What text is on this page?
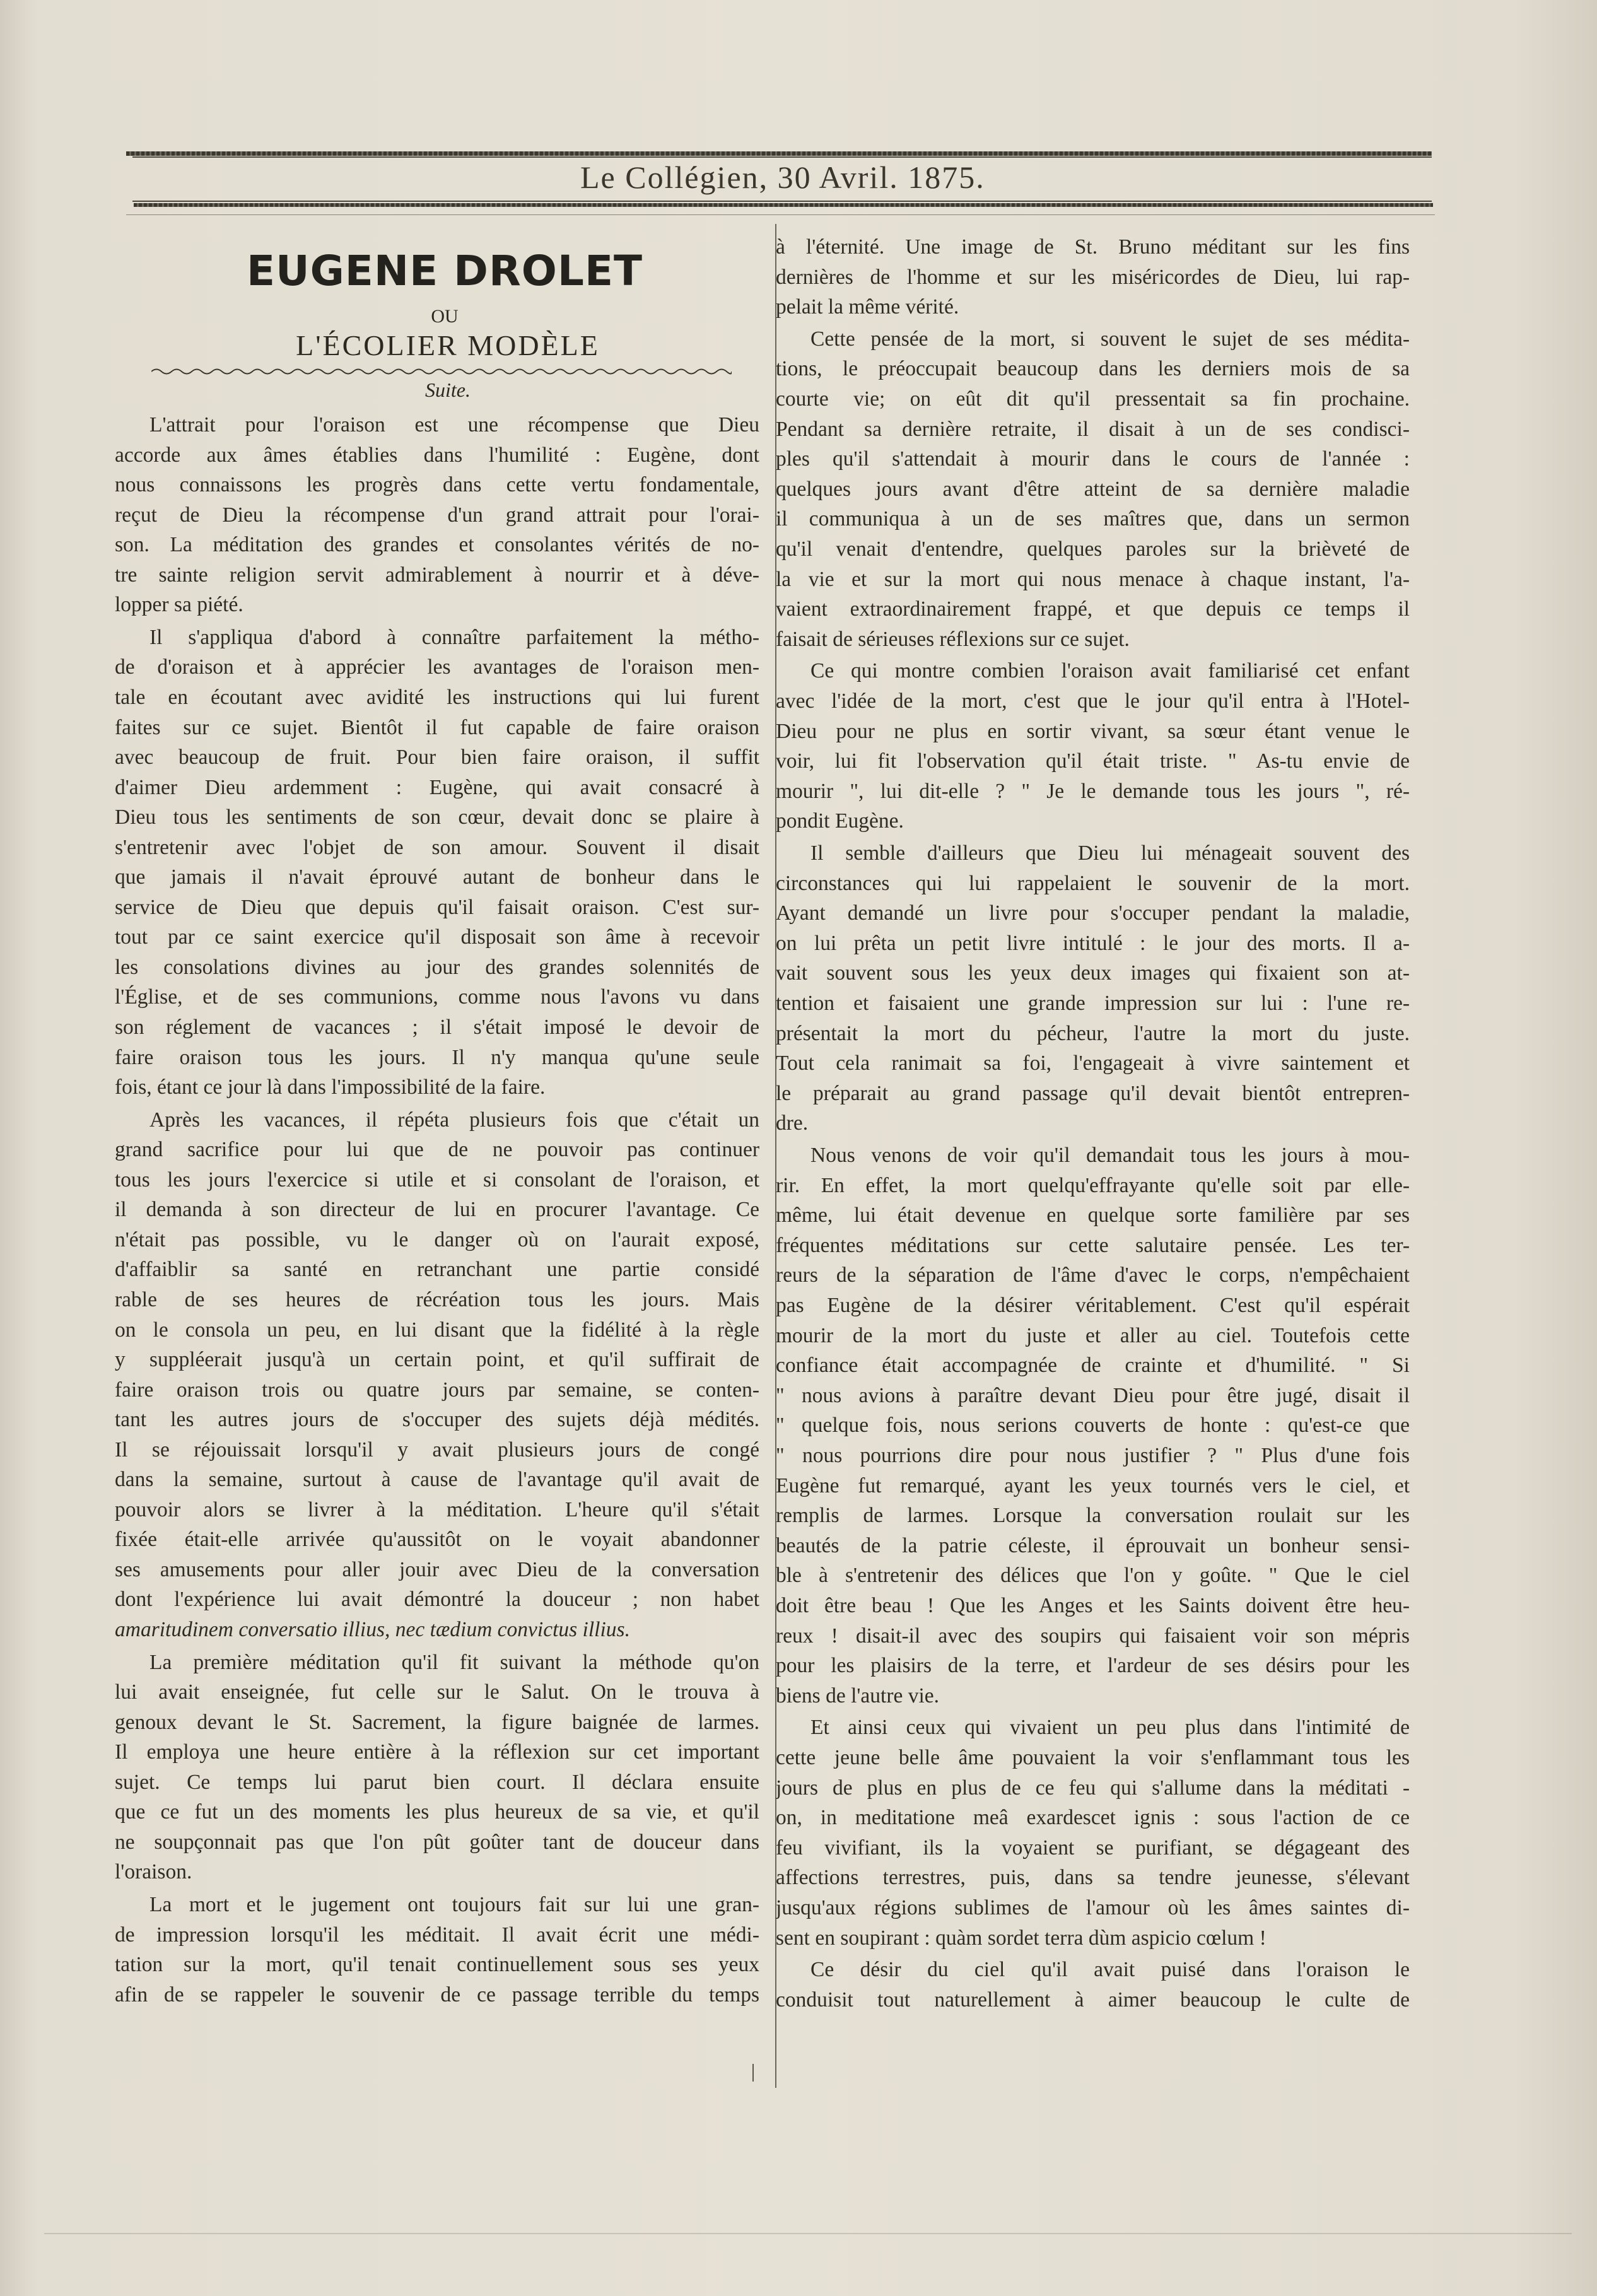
Le Collégien, 30 Avril. 1875.
EUGENE DROLET
OU
L'ÉCOLIER MODÈLE
Suite.
L'attrait pour l'oraison est une récompense que Dieu
accorde aux âmes établies dans l'humilité : Eugène, dont
nous connaissons les progrès dans cette vertu fondamentale,
reçut de Dieu la récompense d'un grand attrait pour l'orai-
son. La méditation des grandes et consolantes vérités de no-
tre sainte religion servit admirablement à nourrir et à déve-
lopper sa piété.
Il s'appliqua d'abord à connaître parfaitement la métho-
de d'oraison et à apprécier les avantages de l'oraison men-
tale en écoutant avec avidité les instructions qui lui furent
faites sur ce sujet. Bientôt il fut capable de faire oraison
avec beaucoup de fruit. Pour bien faire oraison, il suffit
d'aimer Dieu ardemment : Eugène, qui avait consacré à
Dieu tous les sentiments de son cœur, devait donc se plaire à
s'entretenir avec l'objet de son amour. Souvent il disait
que jamais il n'avait éprouvé autant de bonheur dans le
service de Dieu que depuis qu'il faisait oraison. C'est sur-
tout par ce saint exercice qu'il disposait son âme à recevoir
les consolations divines au jour des grandes solennités de
l'Église, et de ses communions, comme nous l'avons vu dans
son réglement de vacances ; il s'était imposé le devoir de
faire oraison tous les jours. Il n'y manqua qu'une seule
fois, étant ce jour là dans l'impossibilité de la faire.
Après les vacances, il répéta plusieurs fois que c'était un
grand sacrifice pour lui que de ne pouvoir pas continuer
tous les jours l'exercice si utile et si consolant de l'oraison, et
il demanda à son directeur de lui en procurer l'avantage. Ce
n'était pas possible, vu le danger où on l'aurait exposé,
d'affaiblir sa santé en retranchant une partie considé
rable de ses heures de récréation tous les jours. Mais
on le consola un peu, en lui disant que la fidélité à la règle
y suppléerait jusqu'à un certain point, et qu'il suffirait de
faire oraison trois ou quatre jours par semaine, se conten-
tant les autres jours de s'occuper des sujets déjà médités.
Il se réjouissait lorsqu'il y avait plusieurs jours de congé
dans la semaine, surtout à cause de l'avantage qu'il avait de
pouvoir alors se livrer à la méditation. L'heure qu'il s'était
fixée était-elle arrivée qu'aussitôt on le voyait abandonner
ses amusements pour aller jouir avec Dieu de la conversation
dont l'expérience lui avait démontré la douceur ; non habet
amaritudinem conversatio illius, nec tædium convictus illius.
La première méditation qu'il fit suivant la méthode qu'on
lui avait enseignée, fut celle sur le Salut. On le trouva à
genoux devant le St. Sacrement, la figure baignée de larmes.
Il employa une heure entière à la réflexion sur cet important
sujet. Ce temps lui parut bien court. Il déclara ensuite
que ce fut un des moments les plus heureux de sa vie, et qu'il
ne soupçonnait pas que l'on pût goûter tant de douceur dans
l'oraison.
La mort et le jugement ont toujours fait sur lui une gran-
de impression lorsqu'il les méditait. Il avait écrit une médi-
tation sur la mort, qu'il tenait continuellement sous ses yeux
afin de se rappeler le souvenir de ce passage terrible du temps
à l'éternité. Une image de St. Bruno méditant sur les fins
dernières de l'homme et sur les miséricordes de Dieu, lui rap-
pelait la même vérité.
Cette pensée de la mort, si souvent le sujet de ses médita-
tions, le préoccupait beaucoup dans les derniers mois de sa
courte vie; on eût dit qu'il pressentait sa fin prochaine.
Pendant sa dernière retraite, il disait à un de ses condisci-
ples qu'il s'attendait à mourir dans le cours de l'année :
quelques jours avant d'être atteint de sa dernière maladie
il communiqua à un de ses maîtres que, dans un sermon
qu'il venait d'entendre, quelques paroles sur la brièveté de
la vie et sur la mort qui nous menace à chaque instant, l'a-
vaient extraordinairement frappé, et que depuis ce temps il
faisait de sérieuses réflexions sur ce sujet.
Ce qui montre combien l'oraison avait familiarisé cet enfant
avec l'idée de la mort, c'est que le jour qu'il entra à l'Hotel-
Dieu pour ne plus en sortir vivant, sa sœur étant venue le
voir, lui fit l'observation qu'il était triste. " As-tu envie de
mourir ", lui dit-elle ? " Je le demande tous les jours ", ré-
pondit Eugène.
Il semble d'ailleurs que Dieu lui ménageait souvent des
circonstances qui lui rappelaient le souvenir de la mort.
Ayant demandé un livre pour s'occuper pendant la maladie,
on lui prêta un petit livre intitulé : le jour des morts. Il a-
vait souvent sous les yeux deux images qui fixaient son at-
tention et faisaient une grande impression sur lui : l'une re-
présentait la mort du pécheur, l'autre la mort du juste.
Tout cela ranimait sa foi, l'engageait à vivre saintement et
le préparait au grand passage qu'il devait bientôt entrepren-
dre.
Nous venons de voir qu'il demandait tous les jours à mou-
rir. En effet, la mort quelqu'effrayante qu'elle soit par elle-
même, lui était devenue en quelque sorte familière par ses
fréquentes méditations sur cette salutaire pensée. Les ter-
reurs de la séparation de l'âme d'avec le corps, n'empêchaient
pas Eugène de la désirer véritablement. C'est qu'il espérait
mourir de la mort du juste et aller au ciel. Toutefois cette
confiance était accompagnée de crainte et d'humilité. " Si
" nous avions à paraître devant Dieu pour être jugé, disait il
" quelque fois, nous serions couverts de honte : qu'est-ce que
" nous pourrions dire pour nous justifier ? " Plus d'une fois
Eugène fut remarqué, ayant les yeux tournés vers le ciel, et
remplis de larmes. Lorsque la conversation roulait sur les
beautés de la patrie céleste, il éprouvait un bonheur sensi-
ble à s'entretenir des délices que l'on y goûte. " Que le ciel
doit être beau ! Que les Anges et les Saints doivent être heu-
reux ! disait-il avec des soupirs qui faisaient voir son mépris
pour les plaisirs de la terre, et l'ardeur de ses désirs pour les
biens de l'autre vie.
Et ainsi ceux qui vivaient un peu plus dans l'intimité de
cette jeune belle âme pouvaient la voir s'enflammant tous les
jours de plus en plus de ce feu qui s'allume dans la méditati -
on, in meditatione meâ exardescet ignis : sous l'action de ce
feu vivifiant, ils la voyaient se purifiant, se dégageant des
affections terrestres, puis, dans sa tendre jeunesse, s'élevant
jusqu'aux régions sublimes de l'amour où les âmes saintes di-
sent en soupirant : quàm sordet terra dùm aspicio cœlum !
Ce désir du ciel qu'il avait puisé dans l'oraison le
conduisit tout naturellement à aimer beaucoup le culte de
